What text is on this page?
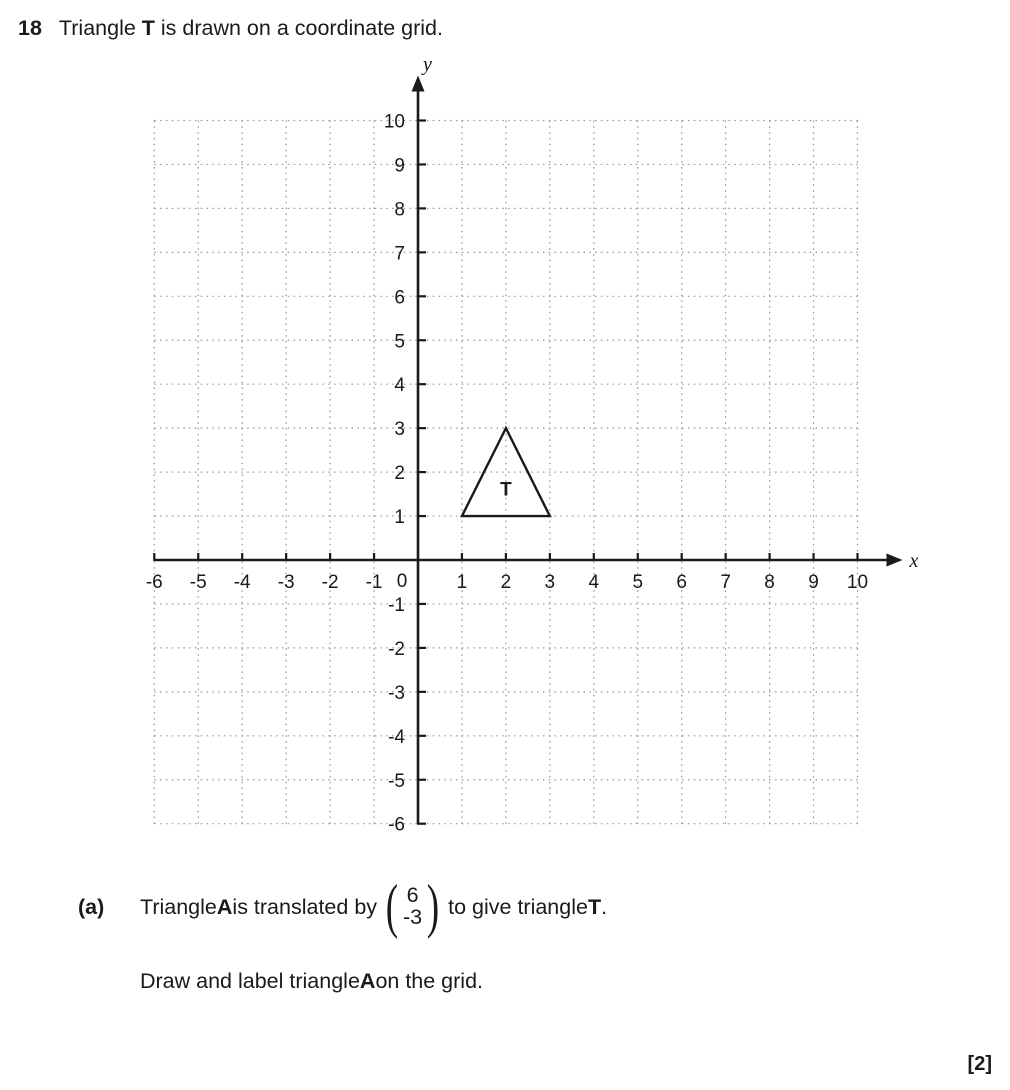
18 Triangle T is drawn on a coordinate grid.
-6 -5 -4 -3 -2 -1	1 2 3 4 5 6 7 8 9 10
0
10
9
8
7
6
5
4
3
2
1
-1
-2
-3
-4
-5
-6
x
y
T
(a)	Triangle A is translated by ( 6
-3 ) to give triangle T .
Draw and label triangle A on the grid.
[2]
